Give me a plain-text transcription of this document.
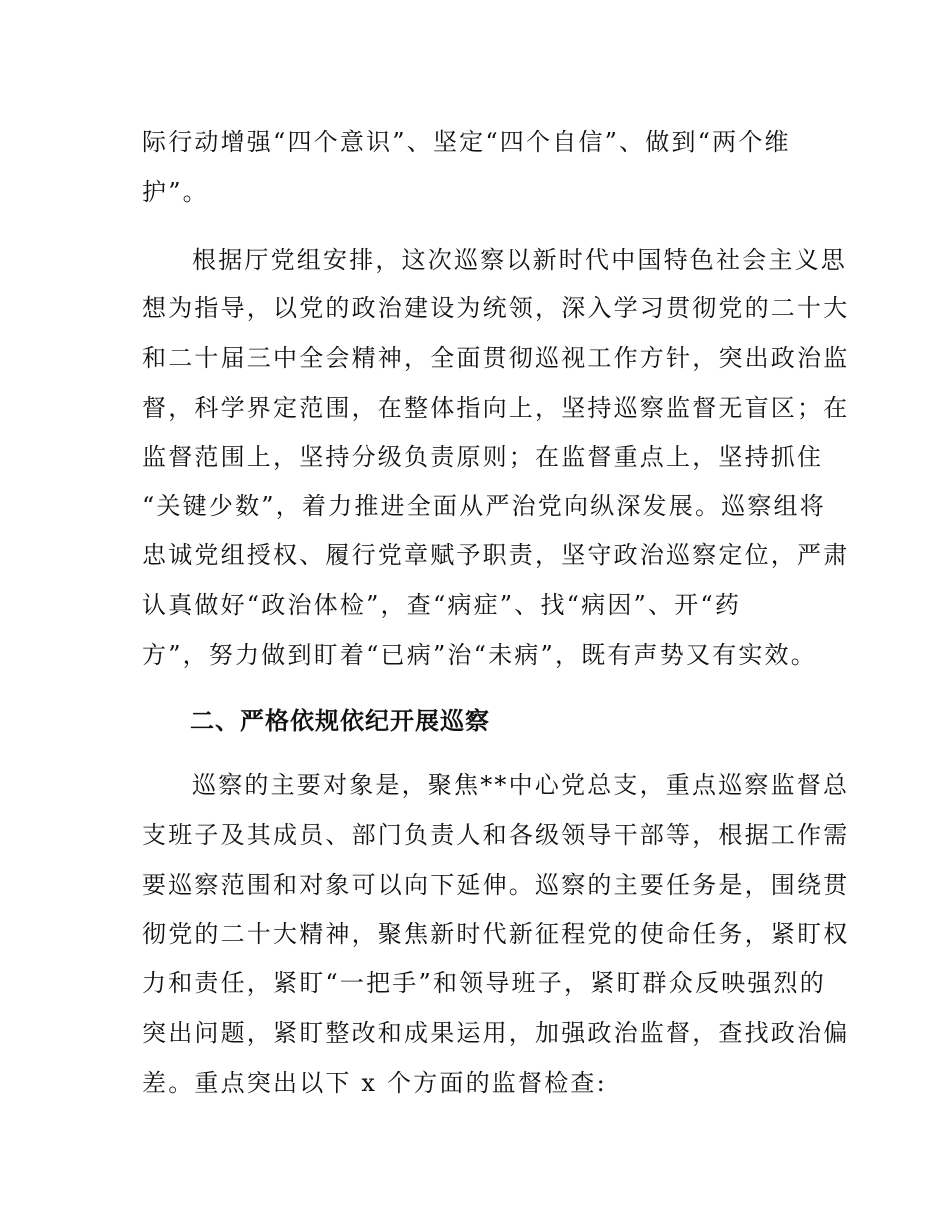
际行动增强“四个意识”、坚定“四个自信”、做到“两个维
护”。
根据厅党组安排，这次巡察以新时代中国特色社会主义思
想为指导，以党的政治建设为统领，深入学习贯彻党的二十大
和二十届三中全会精神，全面贯彻巡视工作方针，突出政治监
督，科学界定范围，在整体指向上，坚持巡察监督无盲区；在
监督范围上，坚持分级负责原则；在监督重点上，坚持抓住
“关键少数”，着力推进全面从严治党向纵深发展。巡察组将
忠诚党组授权、履行党章赋予职责，坚守政治巡察定位，严肃
认真做好“政治体检”，查“病症”、找“病因”、开“药
方”，努力做到盯着“已病”治“未病”，既有声势又有实效。
二、严格依规依纪开展巡察
巡察的主要对象是，聚焦**中心党总支，重点巡察监督总
支班子及其成员、部门负责人和各级领导干部等，根据工作需
要巡察范围和对象可以向下延伸。巡察的主要任务是，围绕贯
彻党的二十大精神，聚焦新时代新征程党的使命任务，紧盯权
力和责任，紧盯“一把手”和领导班子，紧盯群众反映强烈的
突出问题，紧盯整改和成果运用，加强政治监督，查找政治偏
差。重点突出以下 x 个方面的监督检查:
